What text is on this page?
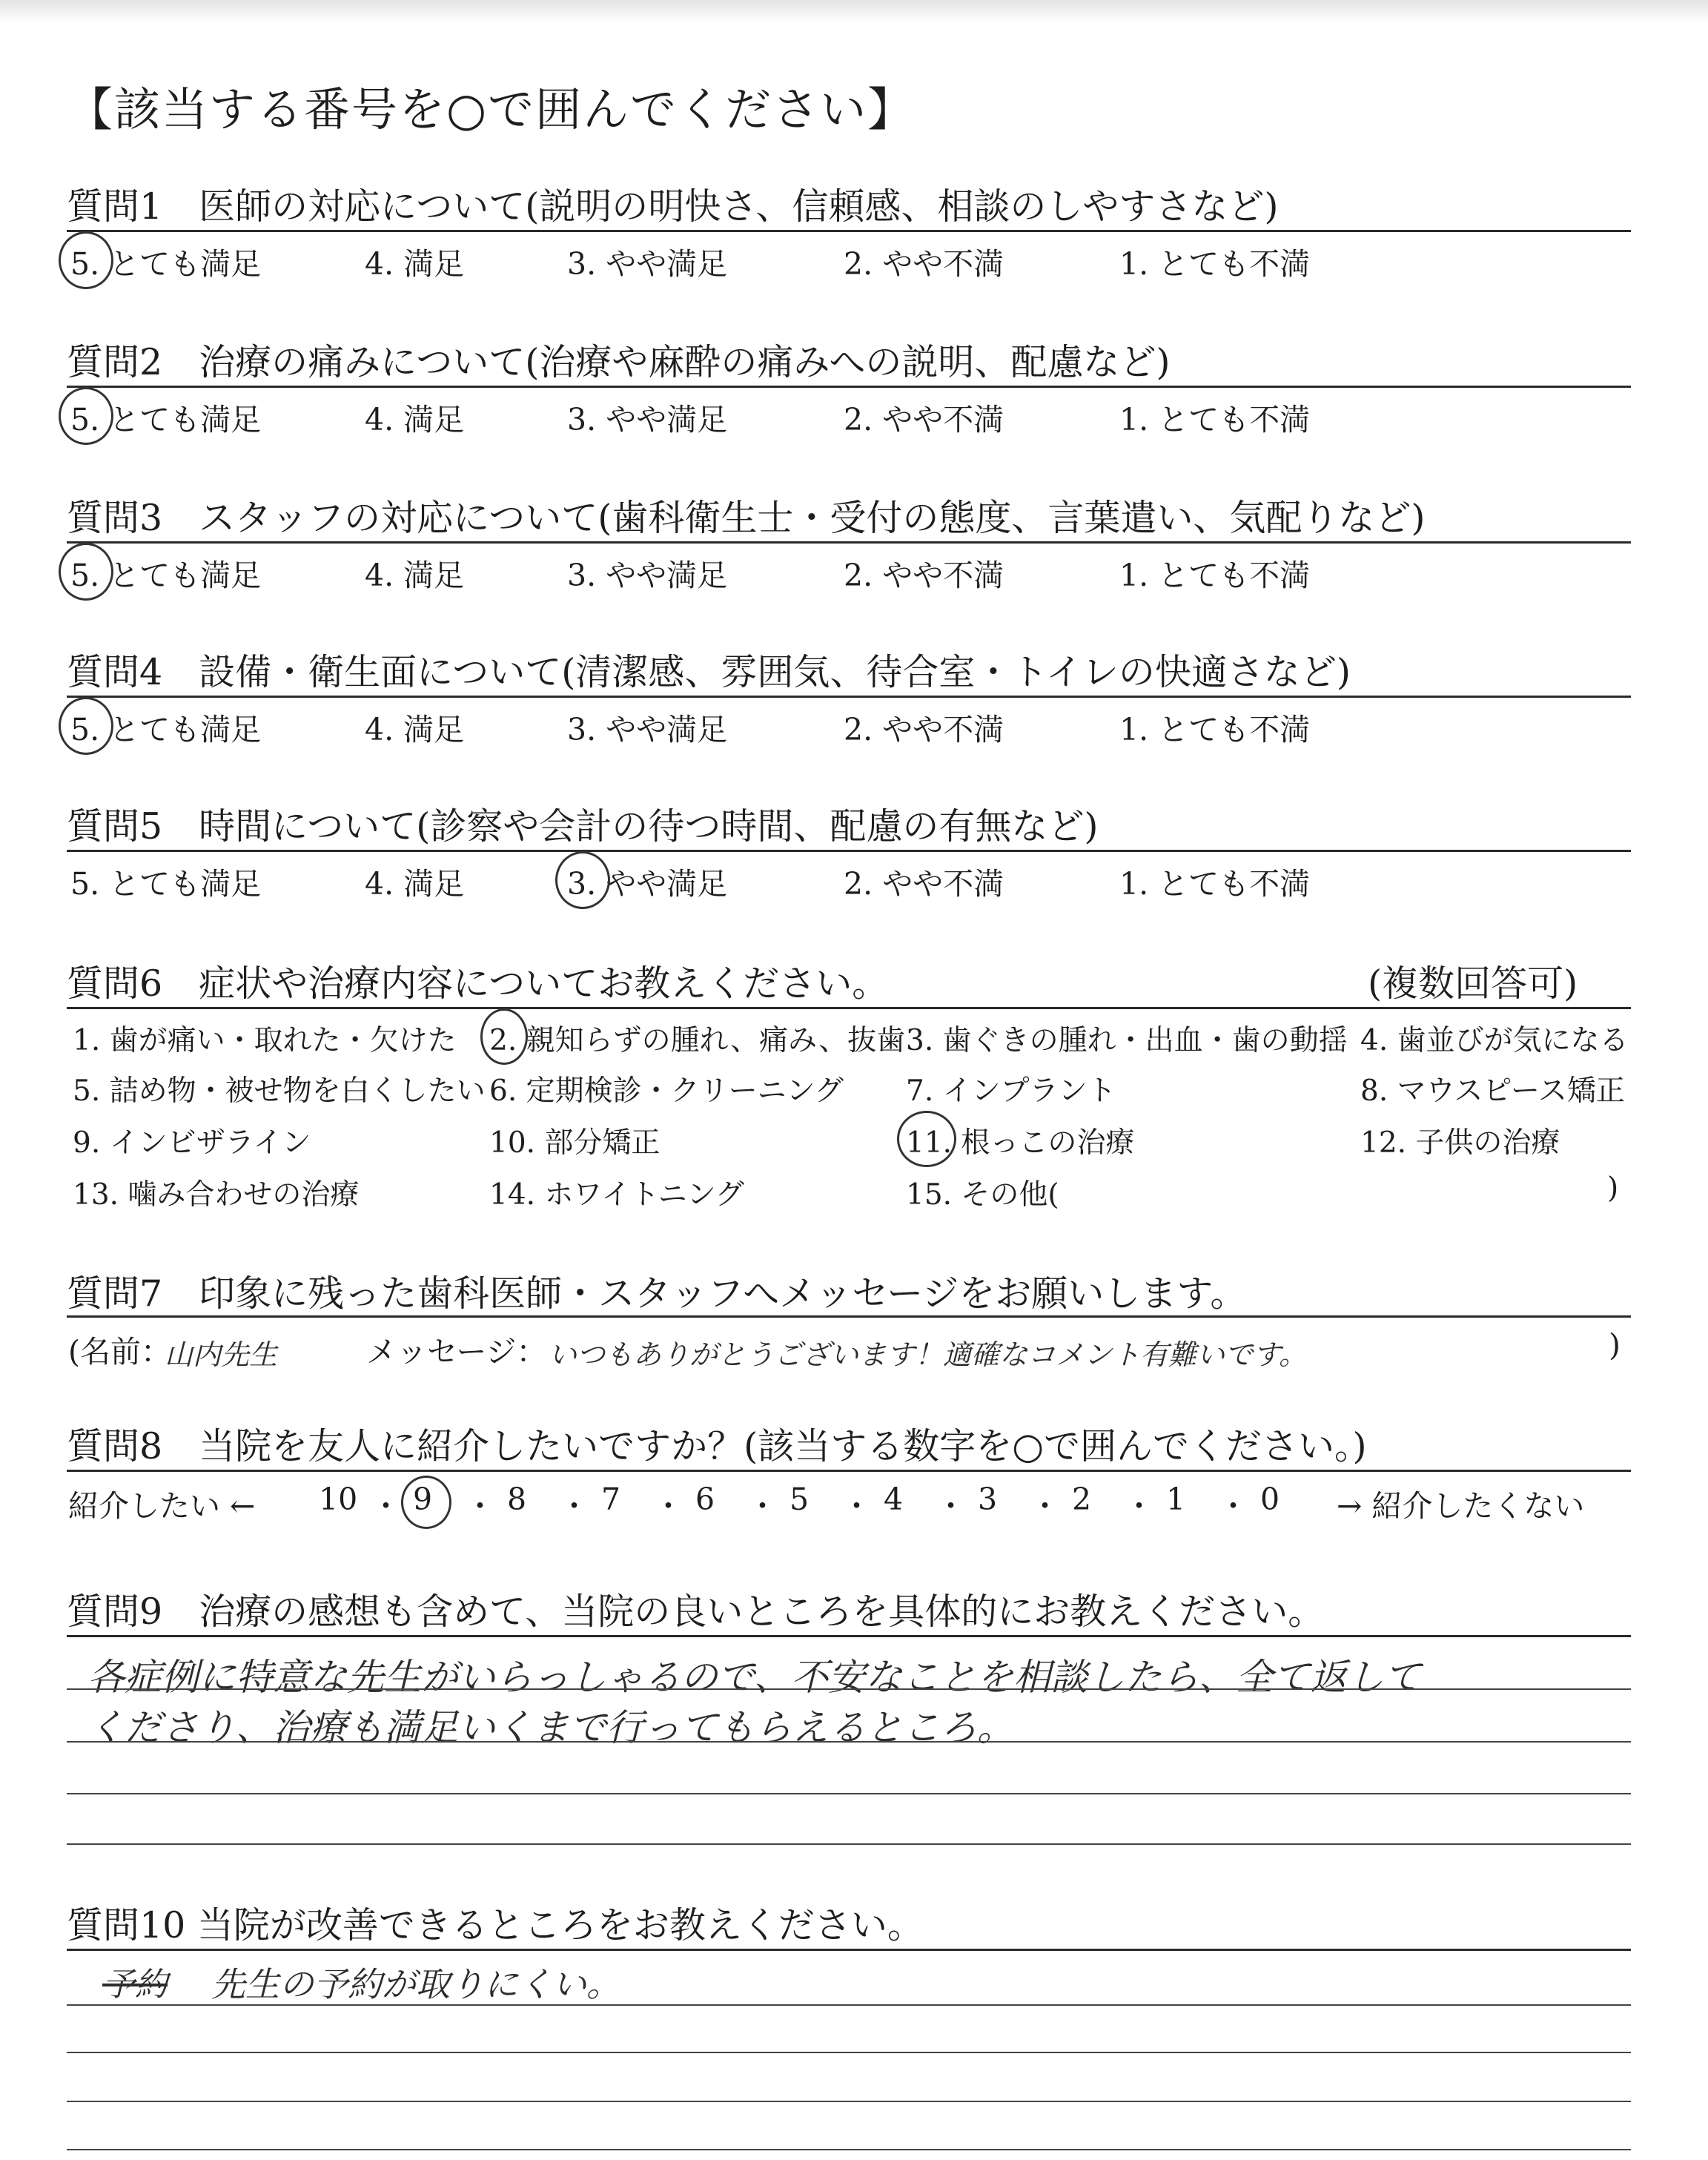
【該当する番号を○で囲んでください】
質問1　医師の対応について(説明の明快さ、信頼感、相談のしやすさなど)
5. とても満足	4. 満足	3. やや満足	2. やや不満	1. とても不満
質問2　治療の痛みについて(治療や麻酔の痛みへの説明、配慮など)
5. とても満足	4. 満足	3. やや満足	2. やや不満	1. とても不満
質問3　スタッフの対応について(歯科衛生士・受付の態度、言葉遣い、気配りなど)
5. とても満足	4. 満足	3. やや満足	2. やや不満	1. とても不満
質問4　設備・衛生面について(清潔感、雰囲気、待合室・トイレの快適さなど)
5. とても満足	4. 満足	3. やや満足	2. やや不満	1. とても不満
質問5　時間について(診察や会計の待つ時間、配慮の有無など)
5. とても満足	4. 満足	3. やや満足	2. やや不満	1. とても不満
質問6　症状や治療内容についてお教えください。	(複数回答可)
1. 歯が痛い・取れた・欠けた 2. 親知らずの腫れ、痛み、抜歯 3. 歯ぐきの腫れ・出血・歯の動揺 4. 歯並びが気になる
5. 詰め物・被せ物を白くしたい 6. 定期検診・クリーニング 7. インプラント	8. マウスピース矯正
9. インビザライン	10. 部分矯正	11. 根っこの治療	12. 子供の治療
13. 噛み合わせの治療	14. ホワイトニング	15. その他(	)
質問7　印象に残った歯科医師・スタッフへメッセージをお願いします。
(名前：
山内先生	メッセージ： いつもありがとうございます！適確なコメント有難いです。	)
質問8　当院を友人に紹介したいですか？(該当する数字を○で囲んでください。)
紹介したい ← 10 ・ 9 ・ 8 ・ 7 ・ 6 ・ 5 ・ 4 ・ 3 ・ 2 ・ 1 ・ 0 → 紹介したくない
質問9　治療の感想も含めて、当院の良いところを具体的にお教えください。
各症例に特意な先生がいらっしゃるので、不安なことを相談したら、全て返して
くださり、治療も満足いくまで行ってもらえるところ。
質問10 当院が改善できるところをお教えください。
予約 先生の予約が取りにくい。
